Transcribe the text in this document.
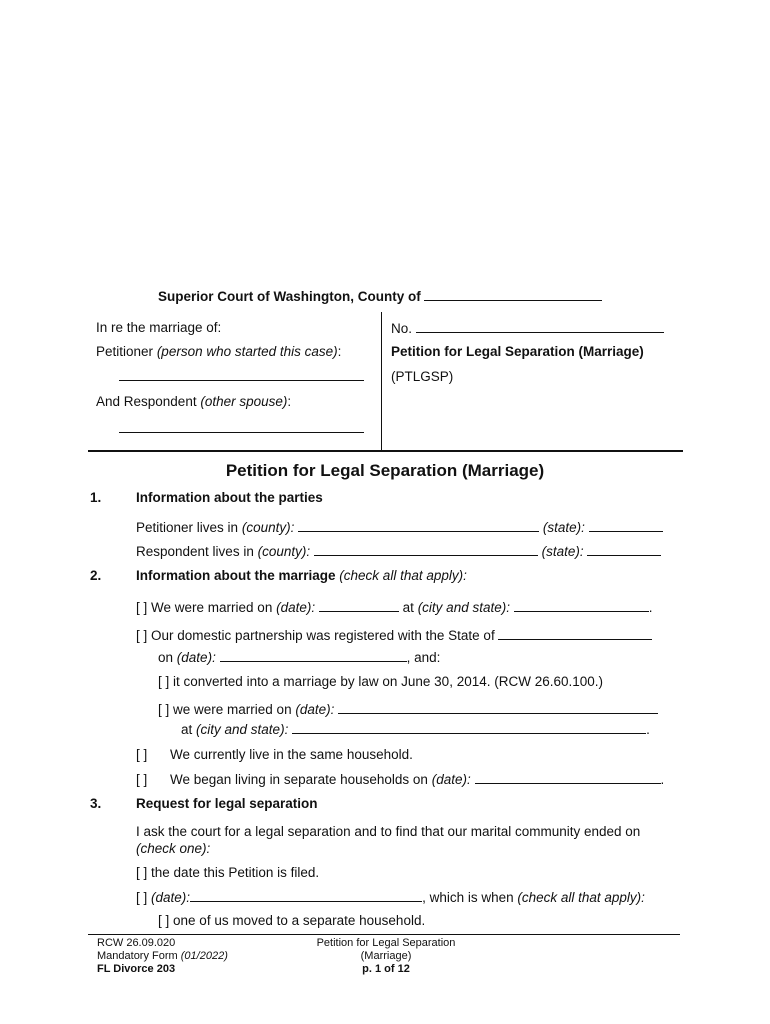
Superior Court of Washington, County of
In re the marriage of:
Petitioner (person who started this case):
And Respondent (other spouse):
No.
Petition for Legal Separation (Marriage)
(PTLGSP)
Petition for Legal Separation (Marriage)
1.	Information about the parties
Petitioner lives in (county):	(state):
Respondent lives in (county):	(state):
2.	Information about the marriage (check all that apply):
[ ] We were married on (date):	at (city and state):	.
[ ] Our domestic partnership was registered with the State of
on (date):	, and:
[ ] it converted into a marriage by law on June 30, 2014. (RCW 26.60.100.)
[ ] we were married on (date):
at (city and state):	.
[ ] We currently live in the same household.
[ ] We began living in separate households on (date):	.
3.	Request for legal separation
I ask the court for a legal separation and to find that our marital community ended on
(check one):
[ ] the date this Petition is filed.
[ ] (date):	, which is when (check all that apply):
[ ] one of us moved to a separate household.
RCW 26.09.020
Mandatory Form (01/2022)
FL Divorce 203
Petition for Legal Separation
(Marriage)
p. 1 of 12
